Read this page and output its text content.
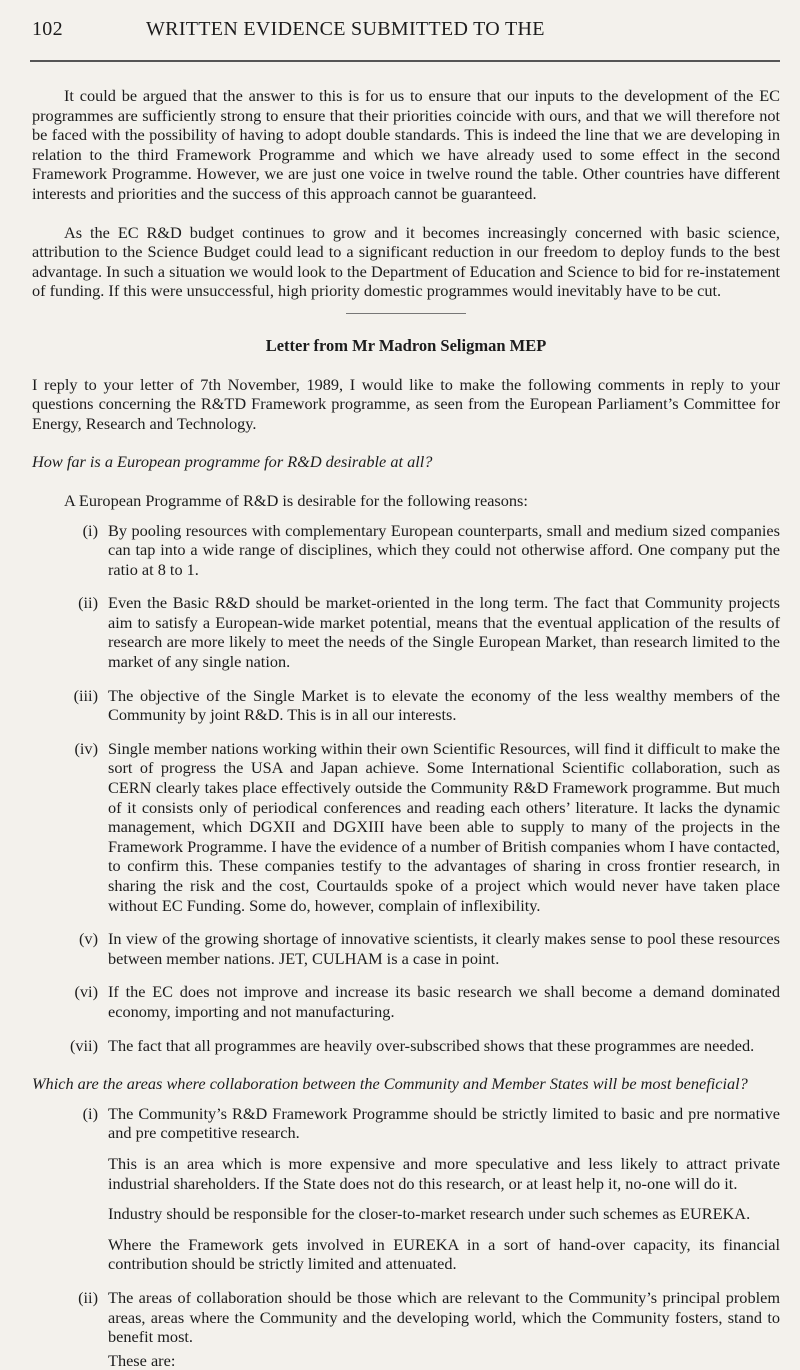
102	WRITTEN EVIDENCE SUBMITTED TO THE

It could be argued that the answer to this is for us to ensure that our inputs to the development of the EC programmes are sufficiently strong to ensure that their priorities coincide with ours, and that we will therefore not be faced with the possibility of having to adopt double standards. This is indeed the line that we are developing in relation to the third Framework Programme and which we have already used to some effect in the second Framework Programme. However, we are just one voice in twelve round the table. Other countries have different interests and priorities and the success of this approach cannot be guaranteed.

As the EC R&D budget continues to grow and it becomes increasingly concerned with basic science, attribution to the Science Budget could lead to a significant reduction in our freedom to deploy funds to the best advantage. In such a situation we would look to the Department of Education and Science to bid for re-instatement of funding. If this were unsuccessful, high priority domestic programmes would inevitably have to be cut.

Letter from Mr Madron Seligman MEP

I reply to your letter of 7th November, 1989, I would like to make the following comments in reply to your questions concerning the R&TD Framework programme, as seen from the European Parliament’s Committee for Energy, Research and Technology.

How far is a European programme for R&D desirable at all?

A European Programme of R&D is desirable for the following reasons:

(i) By pooling resources with complementary European counterparts, small and medium sized companies can tap into a wide range of disciplines, which they could not otherwise afford. One company put the ratio at 8 to 1.
(ii) Even the Basic R&D should be market-oriented in the long term. The fact that Community projects aim to satisfy a European-wide market potential, means that the eventual application of the results of research are more likely to meet the needs of the Single European Market, than research limited to the market of any single nation.
(iii) The objective of the Single Market is to elevate the economy of the less wealthy members of the Community by joint R&D. This is in all our interests.
(iv) Single member nations working within their own Scientific Resources, will find it difficult to make the sort of progress the USA and Japan achieve. Some International Scientific collaboration, such as CERN clearly takes place effectively outside the Community R&D Framework programme. But much of it consists only of periodical conferences and reading each others’ literature. It lacks the dynamic management, which DGXII and DGXIII have been able to supply to many of the projects in the Framework Programme. I have the evidence of a number of British companies whom I have contacted, to confirm this. These companies testify to the advantages of sharing in cross frontier research, in sharing the risk and the cost, Courtaulds spoke of a project which would never have taken place without EC Funding. Some do, however, complain of inflexibility.
(v) In view of the growing shortage of innovative scientists, it clearly makes sense to pool these resources between member nations. JET, CULHAM is a case in point.
(vi) If the EC does not improve and increase its basic research we shall become a demand dominated economy, importing and not manufacturing.
(vii) The fact that all programmes are heavily over-subscribed shows that these programmes are needed.

Which are the areas where collaboration between the Community and Member States will be most beneficial?

(i) The Community’s R&D Framework Programme should be strictly limited to basic and pre normative and pre competitive research.

This is an area which is more expensive and more speculative and less likely to attract private industrial shareholders. If the State does not do this research, or at least help it, no-one will do it.

Industry should be responsible for the closer-to-market research under such schemes as EUREKA.

Where the Framework gets involved in EUREKA in a sort of hand-over capacity, its financial contribution should be strictly limited and attenuated.

(ii) The areas of collaboration should be those which are relevant to the Community’s principal problem areas, areas where the Community and the developing world, which the Community fosters, stand to benefit most.

These are:
